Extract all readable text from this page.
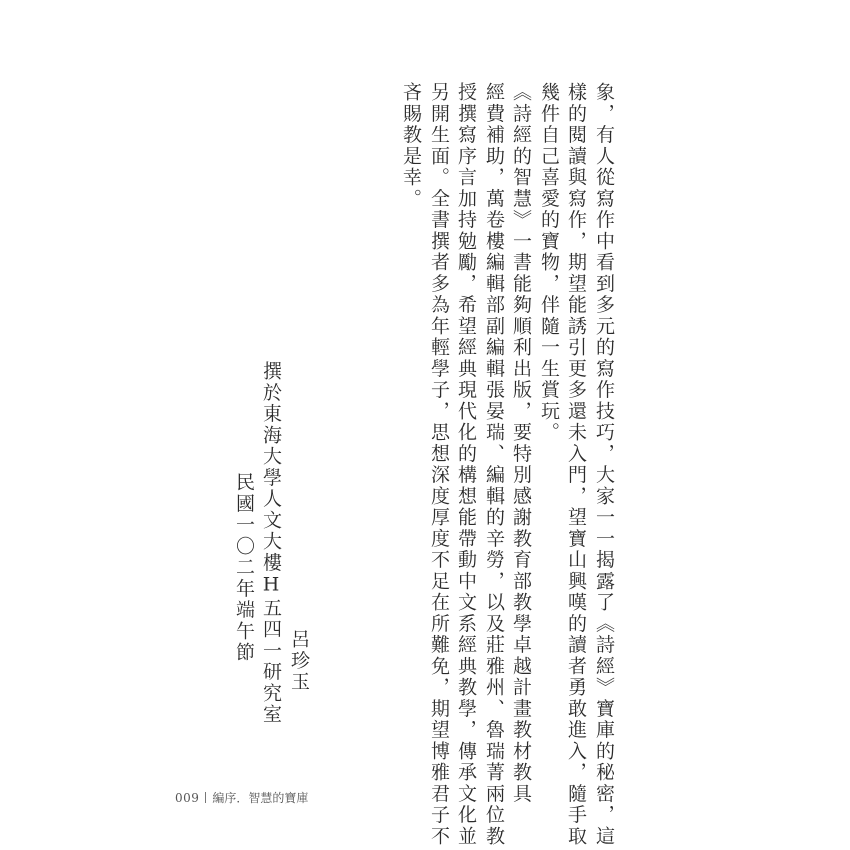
象，有人從寫作中看到多元的寫作技巧，大家一一揭露了《詩經》寶庫的秘密，這
樣的閱讀與寫作，期望能誘引更多還未入門，望寶山興嘆的讀者勇敢進入，隨手取
幾件自己喜愛的寶物，伴隨一生賞玩。
《詩經的智慧》一書能夠順利出版，要特別感謝教育部教學卓越計畫教材教具
經費補助，萬卷樓編輯部副編輯張晏瑞、編輯的辛勞，以及莊雅州、魯瑞菁兩位教
授撰寫序言加持勉勵，希望經典現代化的構想能帶動中文系經典教學，傳承文化並
另開生面。全書撰者多為年輕學子，思想深度厚度不足在所難免，期望博雅君子不
吝賜教是幸。
呂珍玉
撰於東海大學人文大樓H五四一研究室
民國一〇二年端午節
009 編序．智慧的寶庫
